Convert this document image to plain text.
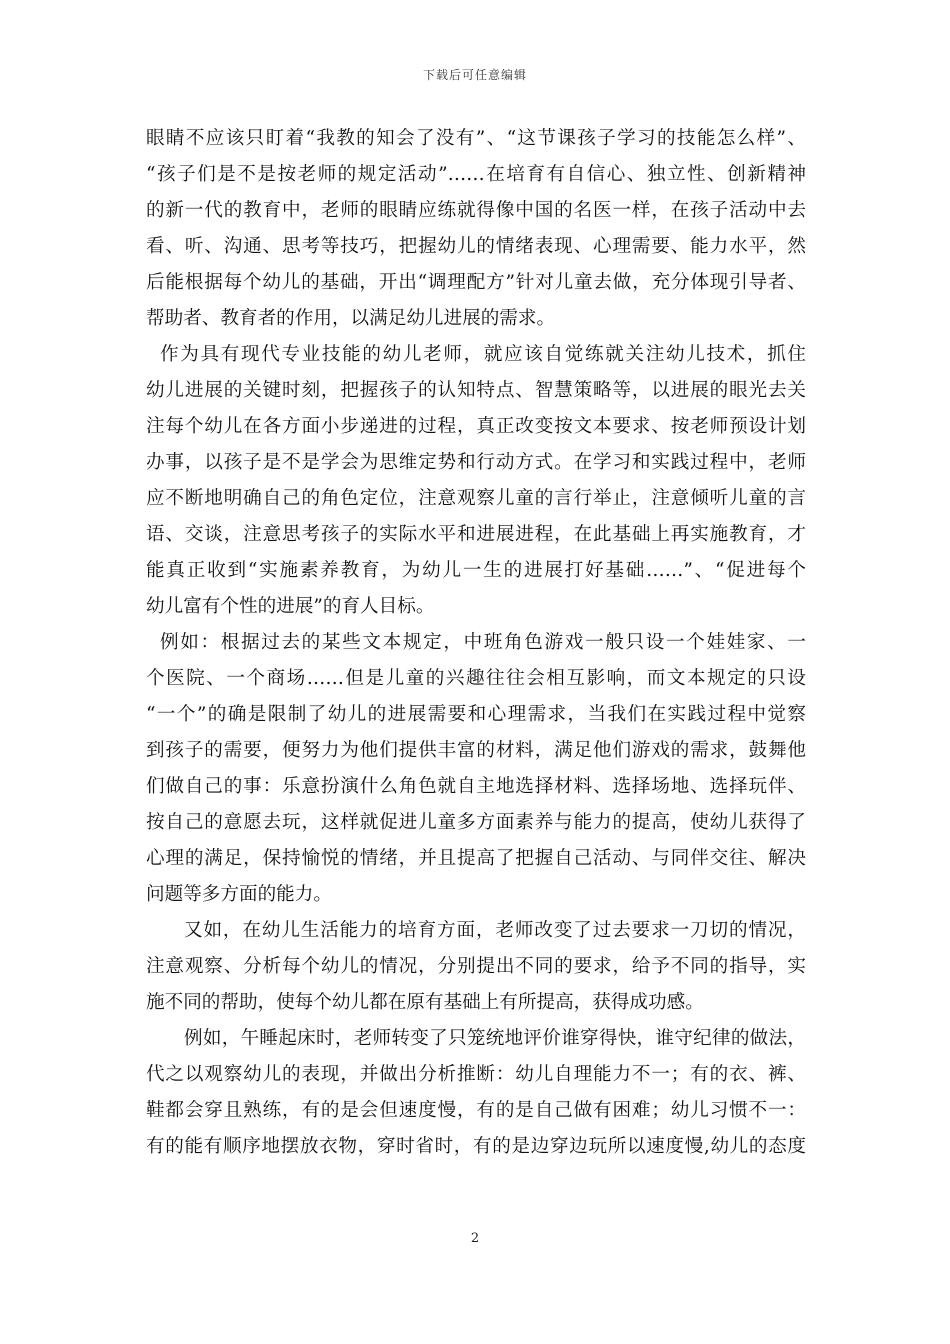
下载后可任意编辑
眼睛不应该只盯着“我教的知会了没有”、“这节课孩子学习的技能怎么样”、
“孩子们是不是按老师的规定活动”……在培育有自信心、独立性、创新精神
的新一代的教育中，老师的眼睛应练就得像中国的名医一样，在孩子活动中去
看、听、沟通、思考等技巧，把握幼儿的情绪表现、心理需要、能力水平，然
后能根据每个幼儿的基础，开出“调理配方”针对儿童去做，充分体现引导者、
帮助者、教育者的作用，以满足幼儿进展的需求。
作为具有现代专业技能的幼儿老师，就应该自觉练就关注幼儿技术，抓住
幼儿进展的关键时刻，把握孩子的认知特点、智慧策略等，以进展的眼光去关
注每个幼儿在各方面小步递进的过程，真正改变按文本要求、按老师预设计划
办事，以孩子是不是学会为思维定势和行动方式。在学习和实践过程中，老师
应不断地明确自己的角色定位，注意观察儿童的言行举止，注意倾听儿童的言
语、交谈，注意思考孩子的实际水平和进展进程，在此基础上再实施教育，才
能真正收到“实施素养教育，为幼儿一生的进展打好基础……”、“促进每个
幼儿富有个性的进展”的育人目标。
例如：根据过去的某些文本规定，中班角色游戏一般只设一个娃娃家、一
个医院、一个商场……但是儿童的兴趣往往会相互影响，而文本规定的只设
“一个”的确是限制了幼儿的进展需要和心理需求，当我们在实践过程中觉察
到孩子的需要，便努力为他们提供丰富的材料，满足他们游戏的需求，鼓舞他
们做自己的事：乐意扮演什么角色就自主地选择材料、选择场地、选择玩伴、
按自己的意愿去玩，这样就促进儿童多方面素养与能力的提高，使幼儿获得了
心理的满足，保持愉悦的情绪，并且提高了把握自己活动、与同伴交往、解决
问题等多方面的能力。
又如，在幼儿生活能力的培育方面，老师改变了过去要求一刀切的情况，
注意观察、分析每个幼儿的情况，分别提出不同的要求，给予不同的指导，实
施不同的帮助，使每个幼儿都在原有基础上有所提高，获得成功感。
例如，午睡起床时，老师转变了只笼统地评价谁穿得快，谁守纪律的做法，
代之以观察幼儿的表现，并做出分析推断：幼儿自理能力不一；有的衣、裤、
鞋都会穿且熟练，有的是会但速度慢，有的是自己做有困难；幼儿习惯不一：
有的能有顺序地摆放衣物，穿时省时，有的是边穿边玩所以速度慢,幼儿的态度
2
